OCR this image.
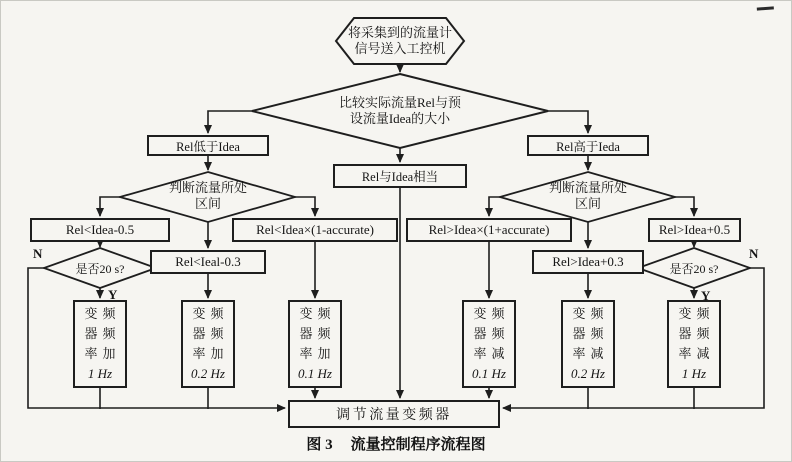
将采集到的流量计
信号送入工控机
比较实际流量Rel与预
设流量Idea的大小
判断流量所处
区间
判断流量所处
区间
是否20 s?	是否20 s?
Rel低于Idea
Rel与Idea相当
Rel高于Ieda
Rel<Idea-0.5
Rel<Ieal-0.3
Rel<Idea×(1-accurate)	Rel>Idea×(1+accurate)
Rel>Idea+0.3
Rel>Idea+0.5
变频
器频
率加
1 Hz
变频
器频
率加
0.2 Hz
变频
器频
率加
0.1 Hz
变频
器频
率减
0.1 Hz
变频
器频
率减
0.2 Hz
变频
器频
率减
1 Hz
调节流量变频器
N
Y
N
Y
图 3 流量控制程序流程图
